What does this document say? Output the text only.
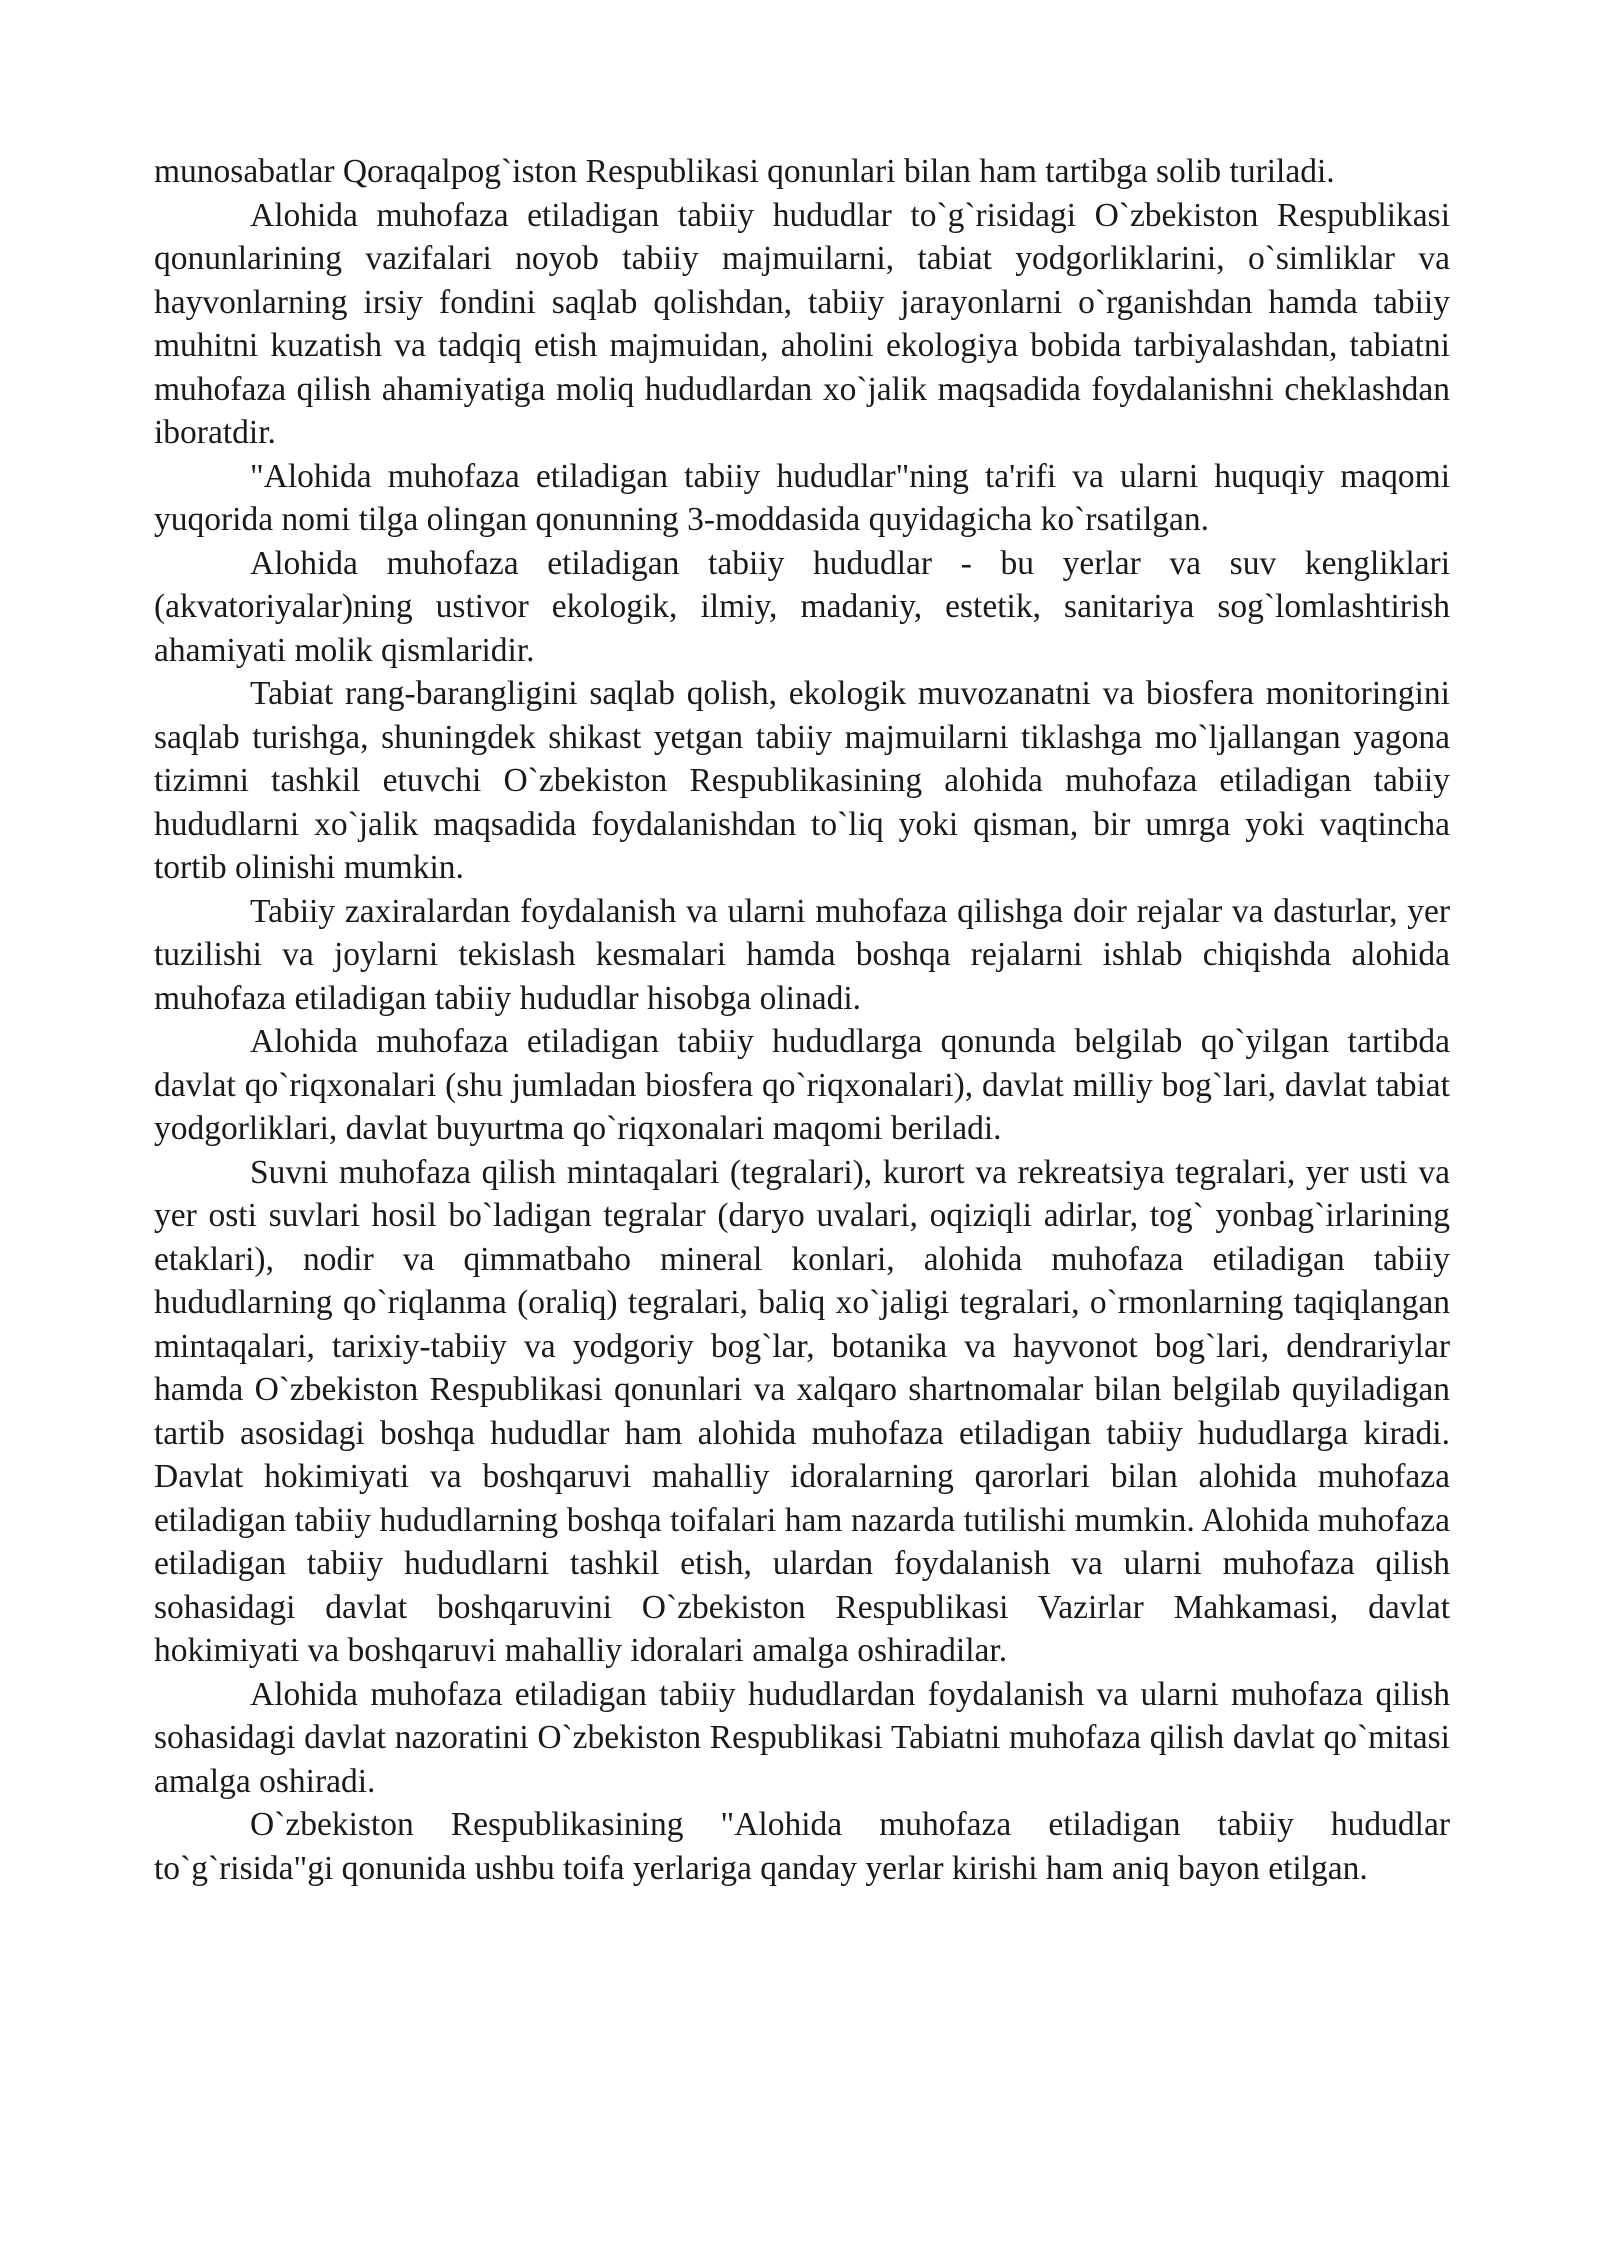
munosabatlar Qoraqalpog`iston Respublikasi qonunlari bilan ham tartibga solib turiladi.

Alohida muhofaza etiladigan tabiiy hududlar to`g`risidagi O`zbekiston Respublikasi qonunlarining vazifalari noyob tabiiy majmuilarni, tabiat yodgorliklarini, o`simliklar va hayvonlarning irsiy fondini saqlab qolishdan, tabiiy jarayonlarni o`rganishdan hamda tabiiy muhitni kuzatish va tadqiq etish majmuidan, aholini ekologiya bobida tarbiyalashdan, tabiatni muhofaza qilish ahamiyatiga moliq hududlardan xo`jalik maqsadida foydalanishni cheklashdan iboratdir.

"Alohida muhofaza etiladigan tabiiy hududlar"ning ta'rifi va ularni huquqiy maqomi yuqorida nomi tilga olingan qonunning 3-moddasida quyidagicha ko`rsatilgan.

Alohida muhofaza etiladigan tabiiy hududlar - bu yerlar va suv kengliklari (akvatoriyalar)ning ustivor ekologik, ilmiy, madaniy, estetik, sanitariya sog`lomlashtirish ahamiyati molik qismlaridir.

Tabiat rang-barangligini saqlab qolish, ekologik muvozanatni va biosfera monitoringini saqlab turishga, shuningdek shikast yetgan tabiiy majmuilarni tiklashga mo`ljallangan yagona tizimni tashkil etuvchi O`zbekiston Respublikasining alohida muhofaza etiladigan tabiiy hududlarni xo`jalik maqsadida foydalanishdan to`liq yoki qisman, bir umrga yoki vaqtincha tortib olinishi mumkin.

Tabiiy zaxiralardan foydalanish va ularni muhofaza qilishga doir rejalar va dasturlar, yer tuzilishi va joylarni tekislash kesmalari hamda boshqa rejalarni ishlab chiqishda alohida muhofaza etiladigan tabiiy hududlar hisobga olinadi.

Alohida muhofaza etiladigan tabiiy hududlarga qonunda belgilab qo`yilgan tartibda davlat qo`riqxonalari (shu jumladan biosfera qo`riqxonalari), davlat milliy bog`lari, davlat tabiat yodgorliklari, davlat buyurtma qo`riqxonalari maqomi beriladi.

Suvni muhofaza qilish mintaqalari (tegralari), kurort va rekreatsiya tegralari, yer usti va yer osti suvlari hosil bo`ladigan tegralar (daryo uvalari, oqiziqli adirlar, tog` yonbag`irlarining etaklari), nodir va qimmatbaho mineral konlari, alohida muhofaza etiladigan tabiiy hududlarning qo`riqlanma (oraliq) tegralari, baliq xo`jaligi tegralari, o`rmonlarning taqiqlangan mintaqalari, tarixiy-tabiiy va yodgoriy bog`lar, botanika va hayvonot bog`lari, dendrariylar hamda O`zbekiston Respublikasi qonunlari va xalqaro shartnomalar bilan belgilab quyiladigan tartib asosidagi boshqa hududlar ham alohida muhofaza etiladigan tabiiy hududlarga kiradi. Davlat hokimiyati va boshqaruvi mahalliy idoralarning qarorlari bilan alohida muhofaza etiladigan tabiiy hududlarning boshqa toifalari ham nazarda tutilishi mumkin. Alohida muhofaza etiladigan tabiiy hududlarni tashkil etish, ulardan foydalanish va ularni muhofaza qilish sohasidagi davlat boshqaruvini O`zbekiston Respublikasi Vazirlar Mahkamasi, davlat hokimiyati va boshqaruvi mahalliy idoralari amalga oshiradilar.

Alohida muhofaza etiladigan tabiiy hududlardan foydalanish va ularni muhofaza qilish sohasidagi davlat nazoratini O`zbekiston Respublikasi Tabiatni muhofaza qilish davlat qo`mitasi amalga oshiradi.

O`zbekiston Respublikasining "Alohida muhofaza etiladigan tabiiy hududlar to`g`risida"gi qonunida ushbu toifa yerlariga qanday yerlar kirishi ham aniq bayon etilgan.
